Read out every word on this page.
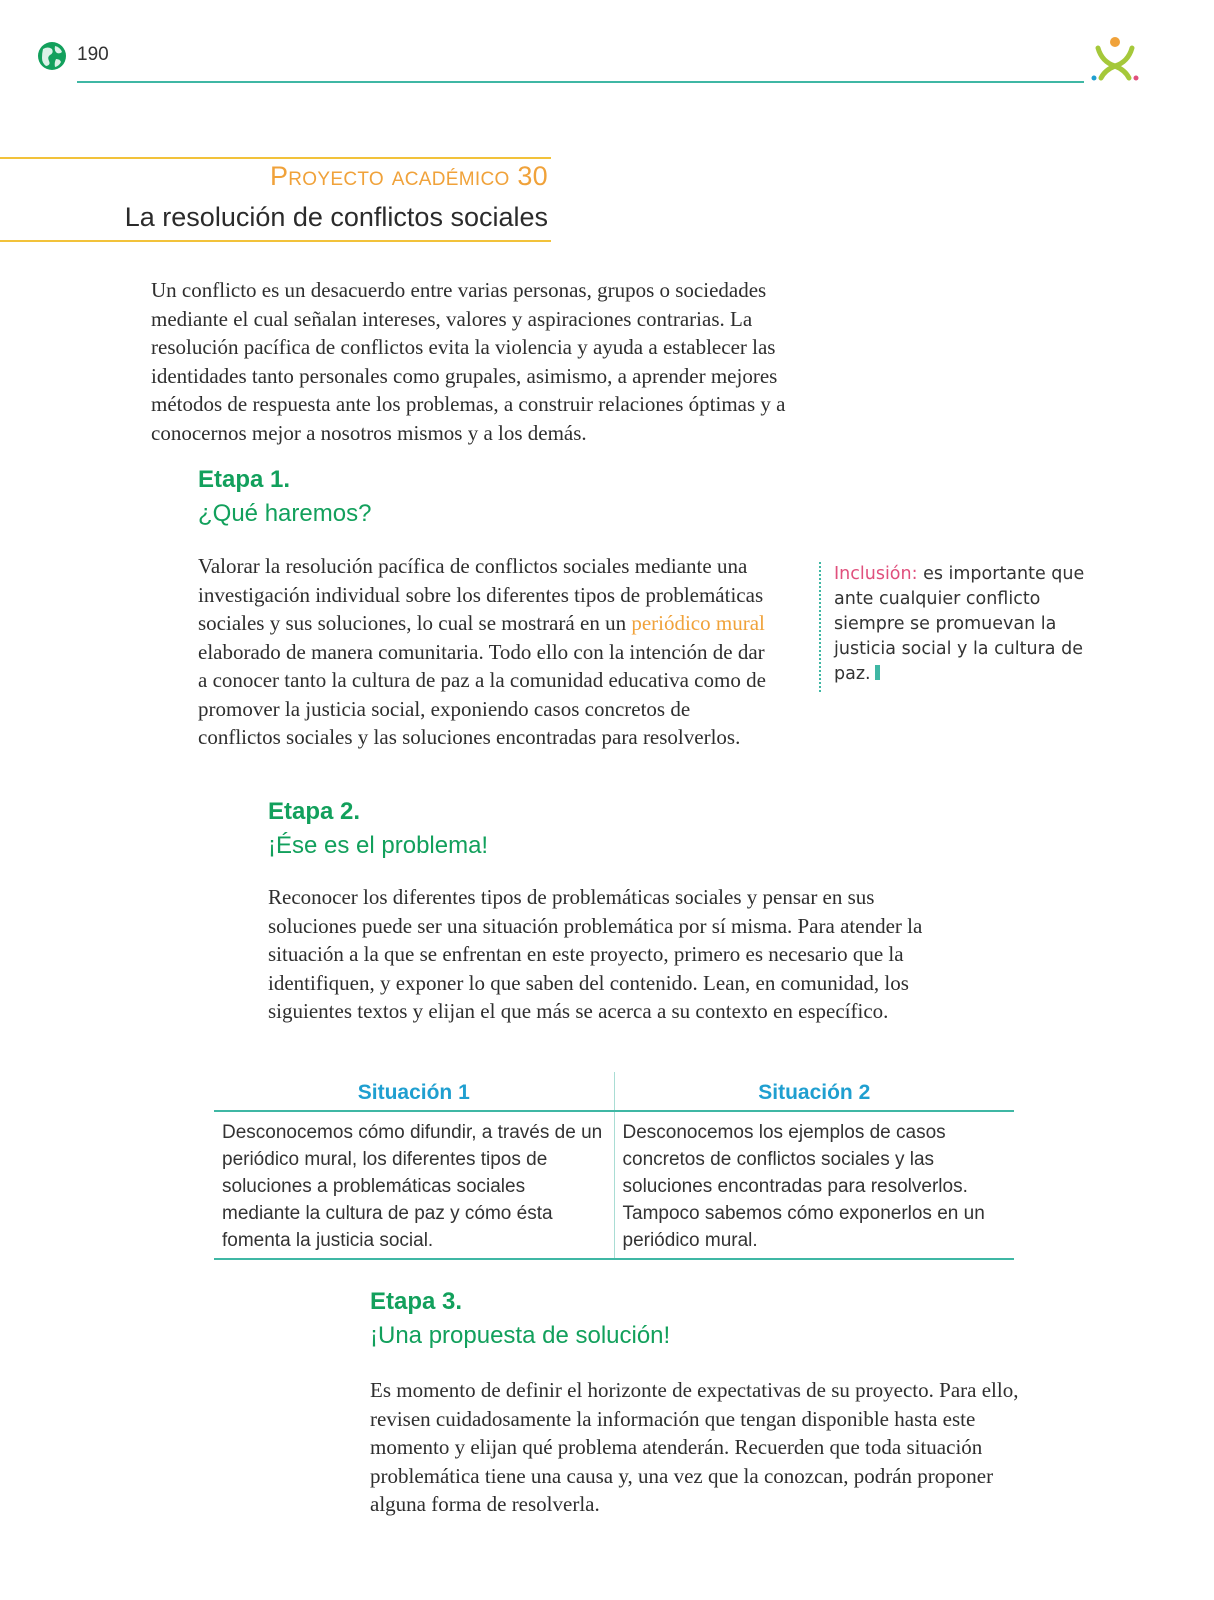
190
Proyecto académico 30
La resolución de conflictos sociales

Un conflicto es un desacuerdo entre varias personas, grupos o sociedades mediante el cual señalan intereses, valores y aspiraciones contrarias. La resolución pacífica de conflictos evita la violencia y ayuda a establecer las identidades tanto personales como grupales, asimismo, a aprender mejores métodos de respuesta ante los problemas, a construir relaciones óptimas y a conocernos mejor a nosotros mismos y a los demás.

Etapa 1.

¿Qué haremos?

Valorar la resolución pacífica de conflictos sociales mediante una investigación individual sobre los diferentes tipos de problemáticas sociales y sus soluciones, lo cual se mostrará en un periódico mural elaborado de manera comunitaria. Todo ello con la intención de dar a conocer tanto la cultura de paz a la comunidad educativa como de promover la justicia social, exponiendo casos concretos de conflictos sociales y las soluciones encontradas para resolverlos.

Inclusión: es importante que ante cualquier conflicto siempre se promuevan la justicia social y la cultura de paz.

Etapa 2.

¡Ése es el problema!

Reconocer los diferentes tipos de problemáticas sociales y pensar en sus soluciones puede ser una situación problemática por sí misma. Para atender la situación a la que se enfrentan en este proyecto, primero es necesario que la identifiquen, y exponer lo que saben del contenido. Lean, en comunidad, los siguientes textos y elijan el que más se acerca a su contexto en específico.

Situación 1	Situación 2
Desconocemos cómo difundir, a través de un periódico mural, los diferentes tipos de soluciones a problemáticas sociales mediante la cultura de paz y cómo ésta fomenta la justicia social.	Desconocemos los ejemplos de casos concretos de conflictos sociales y las soluciones encontradas para resolverlos. Tampoco sabemos cómo exponerlos en un periódico mural.

Etapa 3.

¡Una propuesta de solución!

Es momento de definir el horizonte de expectativas de su proyecto. Para ello, revisen cuidadosamente la información que tengan disponible hasta este momento y elijan qué problema atenderán. Recuerden que toda situación problemática tiene una causa y, una vez que la conozcan, podrán proponer alguna forma de resolverla.
